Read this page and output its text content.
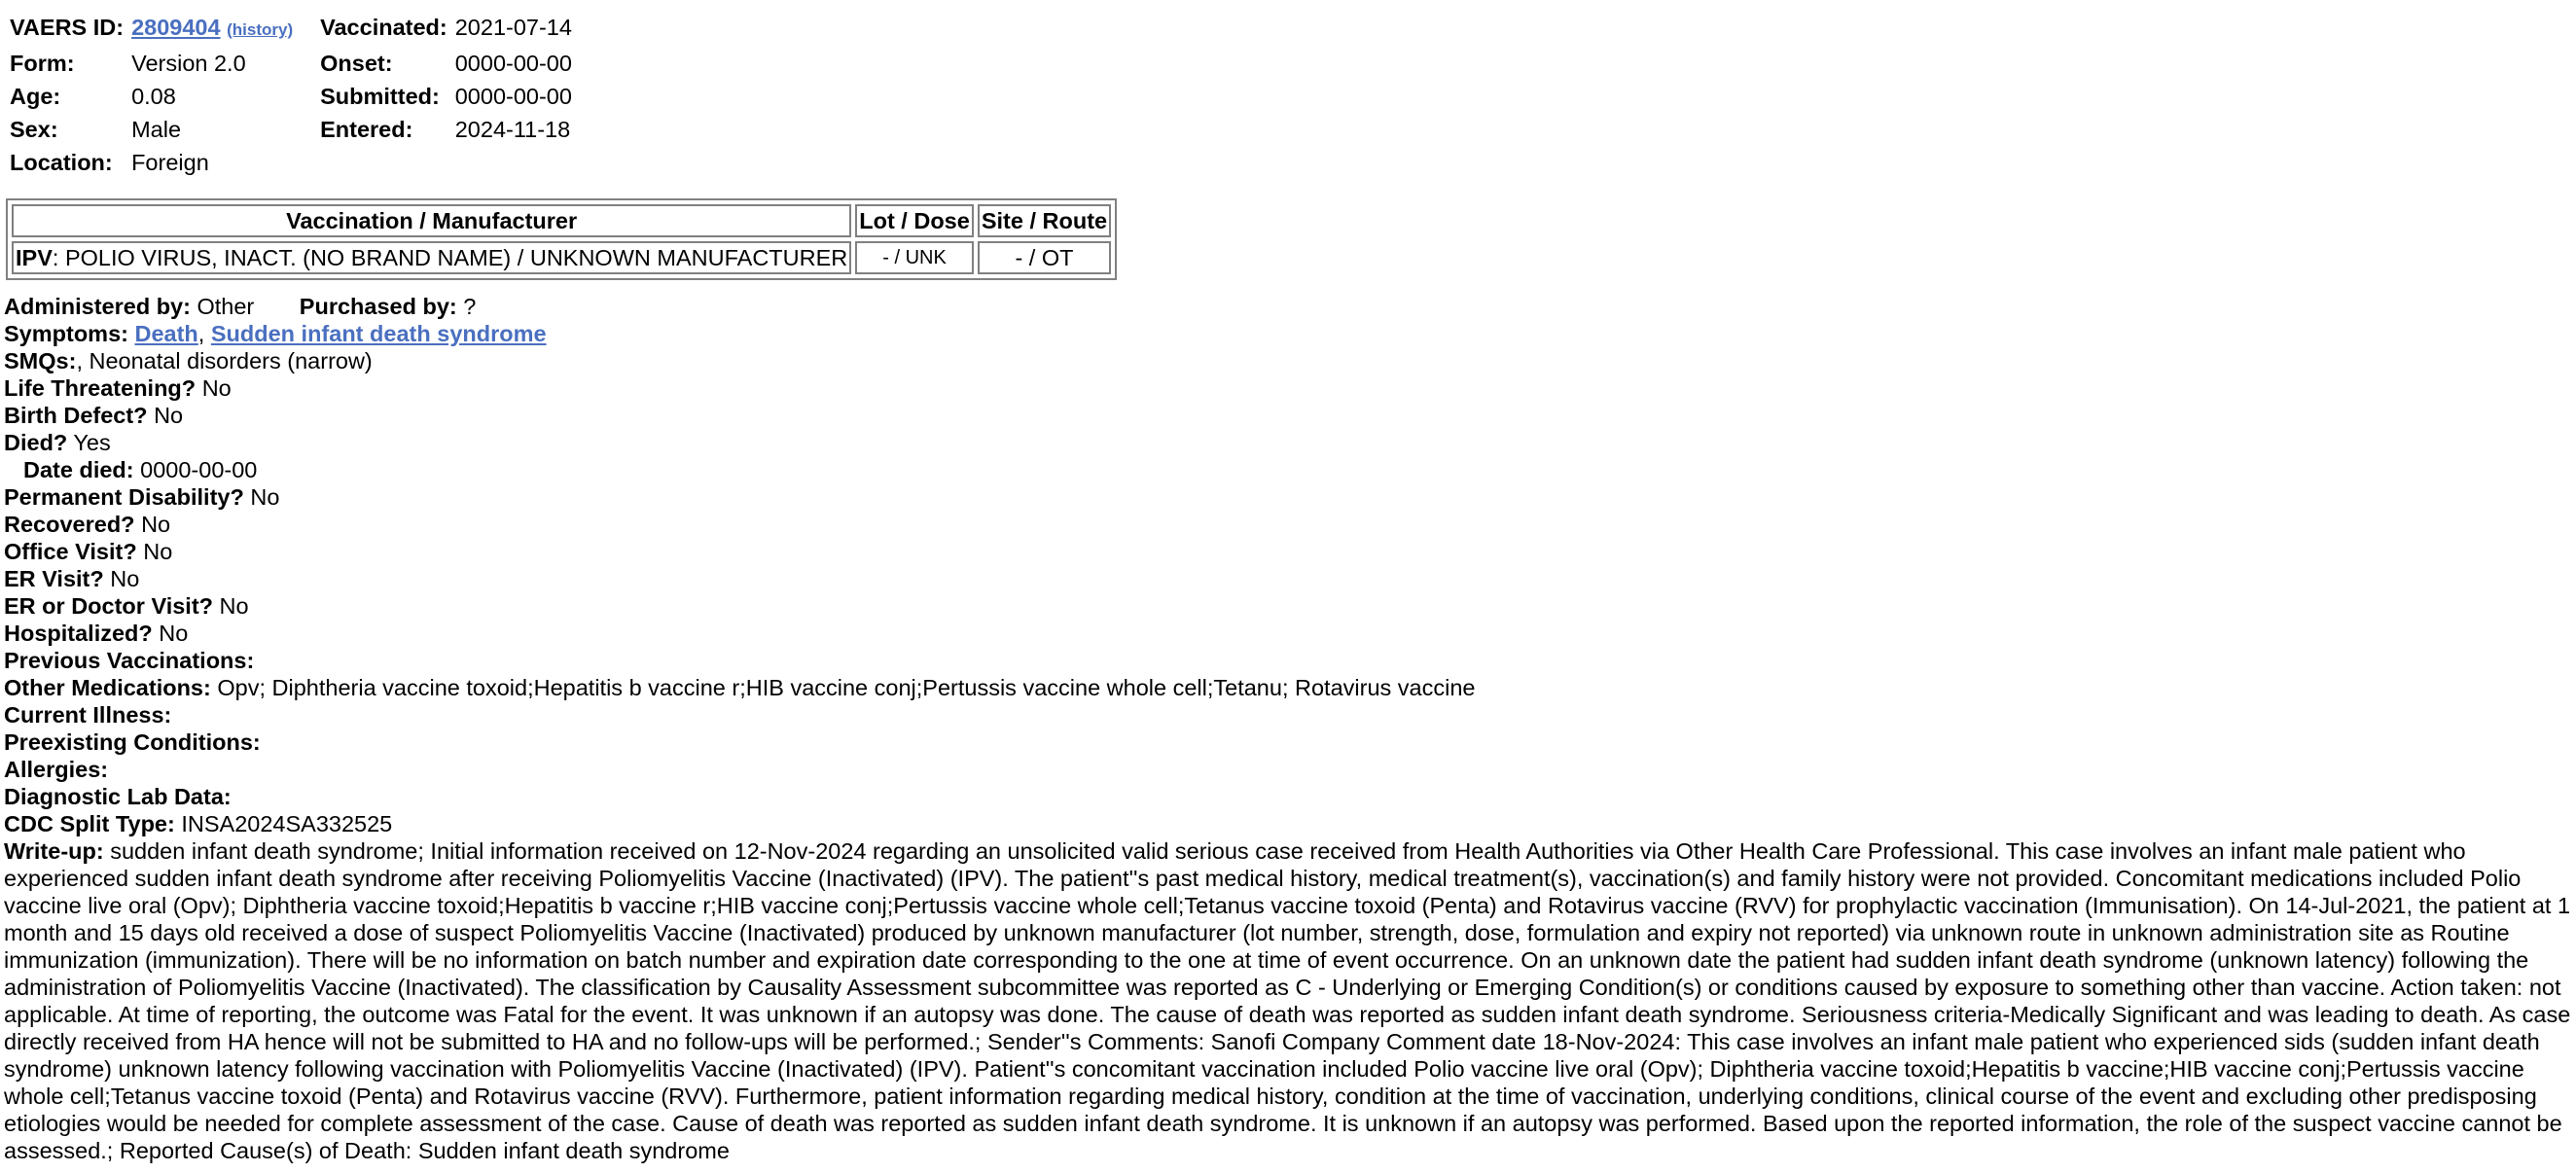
VAERS ID:	2809404 (history)	Vaccinated:	2021-07-14
Form:	Version 2.0	Onset:	0000-00-00
Age:	0.08	Submitted:	0000-00-00
Sex:	Male	Entered:	2024-11-18
Location:	Foreign		
Vaccination / Manufacturer	Lot / Dose	Site / Route
IPV: POLIO VIRUS, INACT. (NO BRAND NAME) / UNKNOWN MANUFACTURER	- / UNK	- / OT
Administered by: Other Purchased by: ?
Symptoms: Death, Sudden infant death syndrome
SMQs:, Neonatal disorders (narrow)
Life Threatening? No
Birth Defect? No
Died? Yes
Date died: 0000-00-00
Permanent Disability? No
Recovered? No
Office Visit? No
ER Visit? No
ER or Doctor Visit? No
Hospitalized? No
Previous Vaccinations:
Other Medications: Opv; Diphtheria vaccine toxoid;Hepatitis b vaccine r;HIB vaccine conj;Pertussis vaccine whole cell;Tetanu; Rotavirus vaccine
Current Illness:
Preexisting Conditions:
Allergies:
Diagnostic Lab Data:
CDC Split Type: INSA2024SA332525
Write-up: sudden infant death syndrome; Initial information received on 12-Nov-2024 regarding an unsolicited valid serious case received from Health Authorities via Other Health Care Professional. This case involves an infant male patient who experienced sudden infant death syndrome after receiving Poliomyelitis Vaccine (Inactivated) (IPV). The patient''s past medical history, medical treatment(s), vaccination(s) and family history were not provided. Concomitant medications included Polio vaccine live oral (Opv); Diphtheria vaccine toxoid;Hepatitis b vaccine r;HIB vaccine conj;Pertussis vaccine whole cell;Tetanus vaccine toxoid (Penta) and Rotavirus vaccine (RVV) for prophylactic vaccination (Immunisation). On 14-Jul-2021, the patient at 1 month and 15 days old received a dose of suspect Poliomyelitis Vaccine (Inactivated) produced by unknown manufacturer (lot number, strength, dose, formulation and expiry not reported) via unknown route in unknown administration site as Routine immunization (immunization). There will be no information on batch number and expiration date corresponding to the one at time of event occurrence. On an unknown date the patient had sudden infant death syndrome (unknown latency) following the administration of Poliomyelitis Vaccine (Inactivated). The classification by Causality Assessment subcommittee was reported as C - Underlying or Emerging Condition(s) or conditions caused by exposure to something other than vaccine. Action taken: not applicable. At time of reporting, the outcome was Fatal for the event. It was unknown if an autopsy was done. The cause of death was reported as sudden infant death syndrome. Seriousness criteria-Medically Significant and was leading to death. As case directly received from HA hence will not be submitted to HA and no follow-ups will be performed.; Sender''s Comments: Sanofi Company Comment date 18-Nov-2024: This case involves an infant male patient who experienced sids (sudden infant death syndrome) unknown latency following vaccination with Poliomyelitis Vaccine (Inactivated) (IPV). Patient''s concomitant vaccination included Polio vaccine live oral (Opv); Diphtheria vaccine toxoid;Hepatitis b vaccine;HIB vaccine conj;Pertussis vaccine whole cell;Tetanus vaccine toxoid (Penta) and Rotavirus vaccine (RVV). Furthermore, patient information regarding medical history, condition at the time of vaccination, underlying conditions, clinical course of the event and excluding other predisposing etiologies would be needed for complete assessment of the case. Cause of death was reported as sudden infant death syndrome. It is unknown if an autopsy was performed. Based upon the reported information, the role of the suspect vaccine cannot be assessed.; Reported Cause(s) of Death: Sudden infant death syndrome
